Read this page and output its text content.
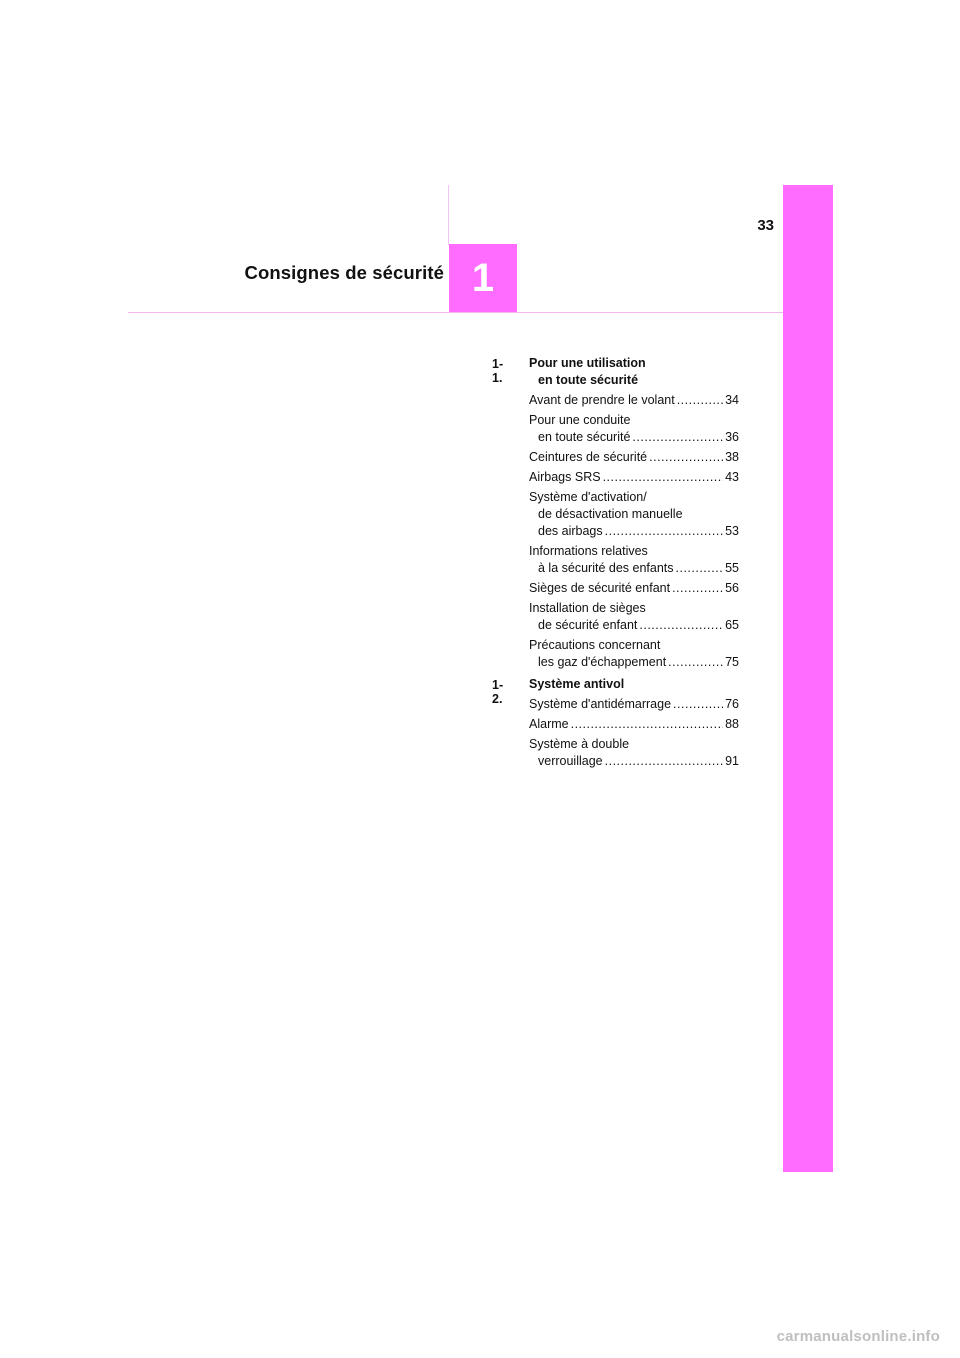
Consignes de sécurité 1
33
1-1.
Pour une utilisation
en toute sécurité
Avant de prendre le volant .....	34
Pour une conduite
en toute sécurité .....	36
Ceintures de sécurité .....	38
Airbags SRS .....	43
Système d'activation/
de désactivation manuelle
des airbags .....	53
Informations relatives
à la sécurité des enfants .....	55
Sièges de sécurité enfant .....	56
Installation de sièges
de sécurité enfant .....	65
Précautions concernant
les gaz d'échappement .....	75
1-2.
Système antivol
Système d'antidémarrage .....	76
Alarme .....	88
Système à double
verrouillage .....	91
carmanualsonline.info
